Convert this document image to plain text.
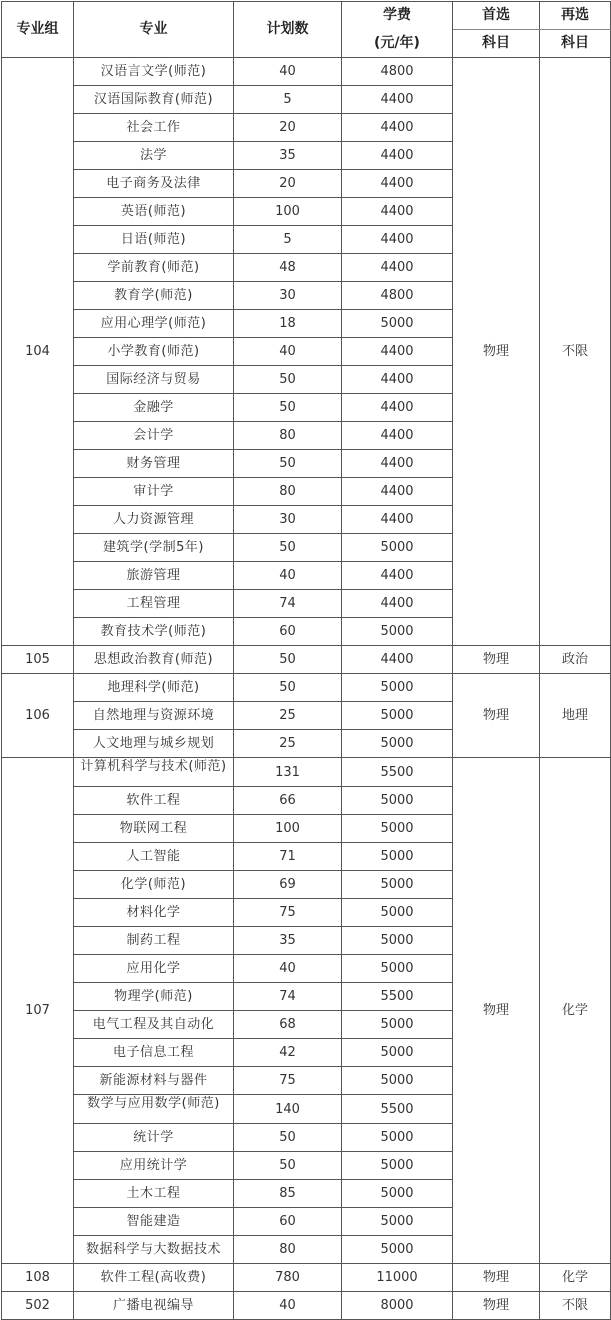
专业组	专业	计划数	学费	首选	再选
			(元/年)	科目	科目
104	汉语言文学(师范)	40	4800	物理	不限
	汉语国际教育(师范)	5	4400		
	社会工作	20	4400		
	法学	35	4400		
	电子商务及法律	20	4400		
	英语(师范)	100	4400		
	日语(师范)	5	4400		
	学前教育(师范)	48	4400		
	教育学(师范)	30	4800		
	应用心理学(师范)	18	5000		
	小学教育(师范)	40	4400		
	国际经济与贸易	50	4400		
	金融学	50	4400		
	会计学	80	4400		
	财务管理	50	4400		
	审计学	80	4400		
	人力资源管理	30	4400		
	建筑学(学制5年)	50	5000		
	旅游管理	40	4400		
	工程管理	74	4400		
	教育技术学(师范)	60	5000		
105	思想政治教育(师范)	50	4400	物理	政治
106	地理科学(师范)	50	5000	物理	地理
	自然地理与资源环境	25	5000		
	人文地理与城乡规划	25	5000		
107	计算机科学与技术(师范)	131	5500	物理	化学
	软件工程	66	5000		
	物联网工程	100	5000		
	人工智能	71	5000		
	化学(师范)	69	5000		
	材料化学	75	5000		
	制药工程	35	5000		
	应用化学	40	5000		
	物理学(师范)	74	5500		
	电气工程及其自动化	68	5000		
	电子信息工程	42	5000		
	新能源材料与器件	75	5000		
	数学与应用数学(师范)	140	5500		
	统计学	50	5000		
	应用统计学	50	5000		
	土木工程	85	5000		
	智能建造	60	5000		
	数据科学与大数据技术	80	5000		
108	软件工程(高收费)	780	11000	物理	化学
502	广播电视编导	40	8000	物理	不限
